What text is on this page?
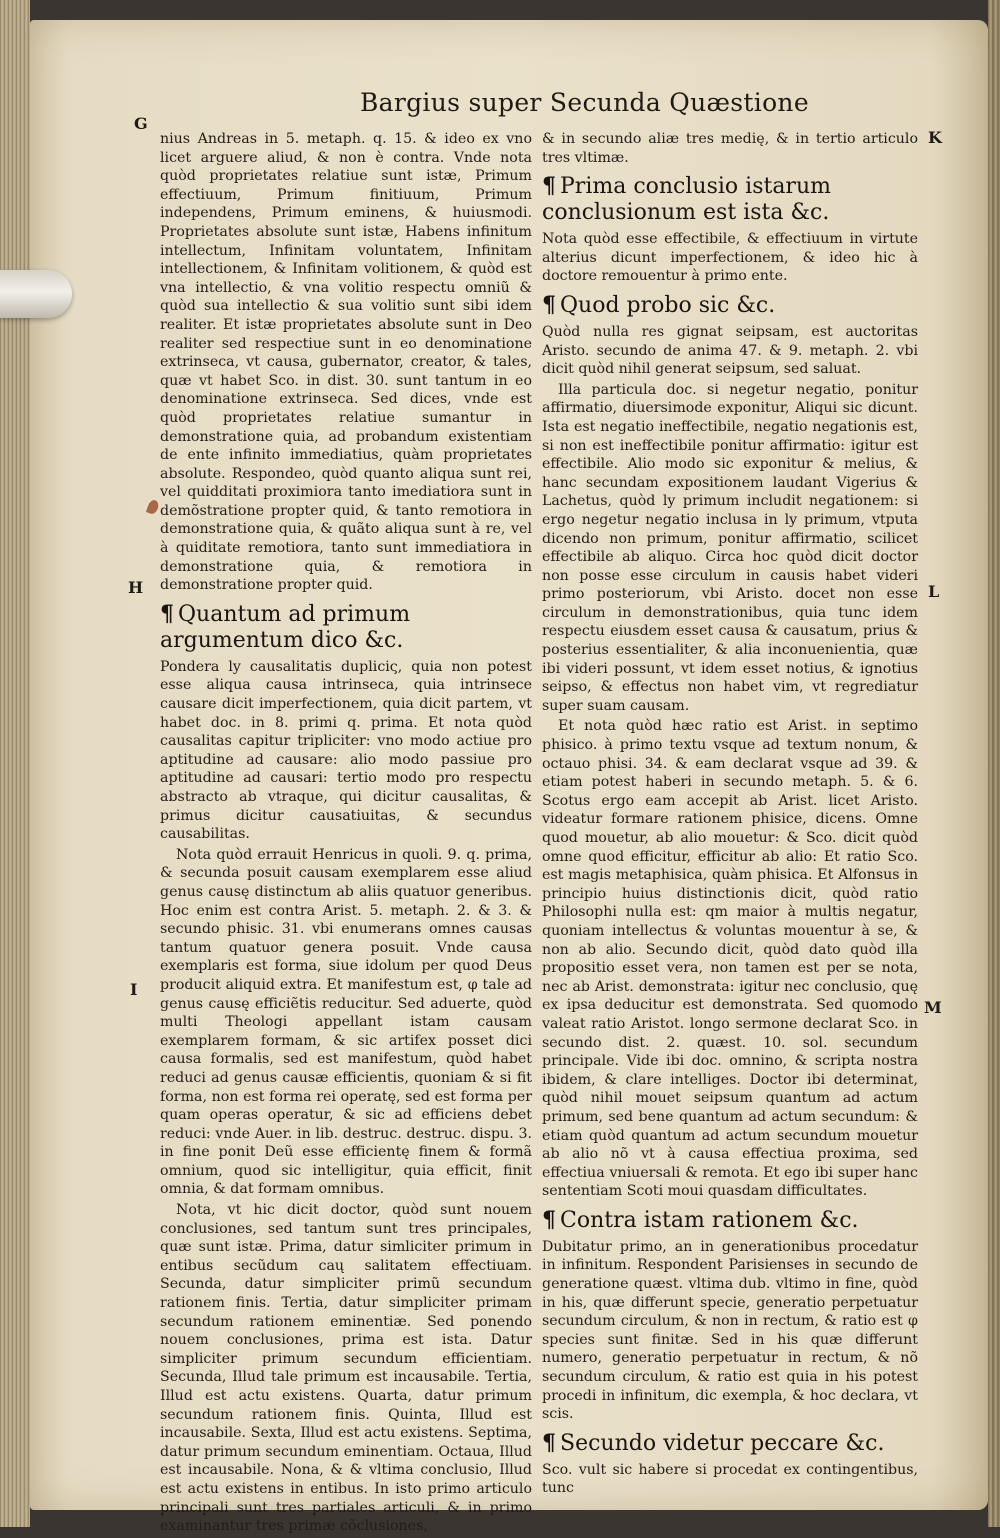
Bargius super Secunda Quæstione
G
K
H	L
I
M

nius Andreas in 5. metaph. q. 15. & ideo ex vno licet arguere aliud, & non è contra. Vnde nota quòd proprietates relatiue sunt istæ, Primum effectiuum, Primum finitiuum, Primum independens, Primum eminens, & huiusmodi. Proprietates absolute sunt istæ, Habens infinitum intellectum, Infinitam voluntatem, Infinitam intellectionem, & Infinitam volitionem, & quòd est vna intellectio, & vna volitio respectu omniũ & quòd sua intellectio & sua volitio sunt sibi idem realiter. Et istæ proprietates absolute sunt in Deo realiter sed respectiue sunt in eo denominatione extrinseca, vt causa, gubernator, creator, & tales, quæ vt habet Sco. in dist. 30. sunt tantum in eo denominatione extrinseca. Sed dices, vnde est quòd proprietates relatiue sumantur in demonstratione quia, ad probandum existentiam de ente infinito immediatius, quàm proprietates absolute. Respondeo, quòd quanto aliqua sunt rei, vel quidditati proximiora tanto imediatiora sunt in demõstratione propter quid, & tanto remotiora in demonstratione quia, & quãto aliqua sunt à re, vel à quiditate remotiora, tanto sunt immediatiora in demonstratione quia, & remotiora in demonstratione propter quid.

¶ Quantum ad primum argumentum dico &c.

Pondera ly causalitatis dupliciς, quia non potest esse aliqua causa intrinseca, quia intrinsece causare dicit imperfectionem, quia dicit partem, vt habet doc. in 8. primi q. prima. Et nota quòd causalitas capitur tripliciter: vno modo actiue pro aptitudine ad causare: alio modo passiue pro aptitudine ad causari: tertio modo pro respectu abstracto ab vtraque, qui dicitur causalitas, & primus dicitur causatiuitas, & secundus causabilitas.

Nota quòd errauit Henricus in quoli. 9. q. prima, & secunda posuit causam exemplarem esse aliud genus causę distinctum ab aliis quatuor generibus. Hoc enim est contra Arist. 5. metaph. 2. & 3. & secundo phisic. 31. vbi enumerans omnes causas tantum quatuor genera posuit. Vnde causa exemplaris est forma, siue idolum per quod Deus producit aliquid extra. Et manifestum est, φ tale ad genus causę efficiẽtis reducitur. Sed aduerte, quòd multi Theologi appellant istam causam exemplarem formam, & sic artifex posset dici causa formalis, sed est manifestum, quòd habet reduci ad genus causæ efficientis, quoniam & si fit forma, non est forma rei operatę, sed est forma per quam operas operatur, & sic ad efficiens debet reduci: vnde Auer. in lib. destruc. destruc. dispu. 3. in fine ponit Deũ esse efficientę finem & formã omnium, quod sic intelligitur, quia efficit, finit omnia, & dat formam omnibus.

Nota, vt hic dicit doctor, quòd sunt nouem conclusiones, sed tantum sunt tres principales, quæ sunt istæ. Prima, datur simliciter primum in entibus secũdum caų salitatem effectiuam. Secunda, datur simpliciter primũ secundum rationem finis. Tertia, datur simpliciter primam secundum rationem eminentiæ. Sed ponendo nouem conclusiones, prima est ista. Datur simpliciter primum secundum efficientiam. Secunda, Illud tale primum est incausabile. Tertia, Illud est actu existens. Quarta, datur primum secundum rationem finis. Quinta, Illud est incausabile. Sexta, Illud est actu existens. Septima, datur primum secundum eminentiam. Octaua, Illud est incausabile. Nona, & & vltima conclusio, Illud est actu existens in entibus. In isto primo articulo principali sunt tres partiales articuli, & in primo examinantur tres primæ cõclusiones,

& in secundo aliæ tres medię, & in tertio articulo tres vltimæ.

¶ Prima conclusio istarum conclusionum est ista &c.

Nota quòd esse effectibile, & effectiuum in virtute alterius dicunt imperfectionem, & ideo hic à doctore remouentur à primo ente.

¶ Quod probo sic &c.

Quòd nulla res gignat seipsam, est auctoritas Aristo. secundo de anima 47. & 9. metaph. 2. vbi dicit quòd nihil generat seipsum, sed saluat.

Illa particula doc. si negetur negatio, ponitur affirmatio, diuersimode exponitur, Aliqui sic dicunt. Ista est negatio ineffectibile, negatio negationis est, si non est ineffectibile ponitur affirmatio: igitur est effectibile. Alio modo sic exponitur & melius, & hanc secundam expositionem laudant Vigerius & Lachetus, quòd ly primum includit negationem: si ergo negetur negatio inclusa in ly primum, vtputa dicendo non primum, ponitur affirmatio, scilicet effectibile ab aliquo. Circa hoc quòd dicit doctor non posse esse circulum in causis habet videri primo posteriorum, vbi Aristo. docet non esse circulum in demonstrationibus, quia tunc idem respectu eiusdem esset causa & causatum, prius & posterius essentialiter, & alia inconuenientia, quæ ibi videri possunt, vt idem esset notius, & ignotius seipso, & effectus non habet vim, vt regrediatur super suam causam.

Et nota quòd hæc ratio est Arist. in septimo phisico. à primo textu vsque ad textum nonum, & octauo phisi. 34. & eam declarat vsque ad 39. & etiam potest haberi in secundo metaph. 5. & 6. Scotus ergo eam accepit ab Arist. licet Aristo. videatur formare rationem phisice, dicens. Omne quod mouetur, ab alio mouetur: & Sco. dicit quòd omne quod efficitur, efficitur ab alio: Et ratio Sco. est magis metaphisica, quàm phisica. Et Alfonsus in principio huius distinctionis dicit, quòd ratio Philosophi nulla est: qm maior à multis negatur, quoniam intellectus & voluntas mouentur à se, & non ab alio. Secundo dicit, quòd dato quòd illa propositio esset vera, non tamen est per se nota, nec ab Arist. demonstrata: igitur nec conclusio, quę ex ipsa deducitur est demonstrata. Sed quomodo valeat ratio Aristot. longo sermone declarat Sco. in secundo dist. 2. quæst. 10. sol. secundum principale. Vide ibi doc. omnino, & scripta nostra ibidem, & clare intelliges. Doctor ibi determinat, quòd nihil mouet seipsum quantum ad actum primum, sed bene quantum ad actum secundum: & etiam quòd quantum ad actum secundum mouetur ab alio nõ vt à causa effectiua proxima, sed effectiua vniuersali & remota. Et ego ibi super hanc sententiam Scoti moui quasdam difficultates.

¶ Contra istam rationem &c.

Dubitatur primo, an in generationibus procedatur in infinitum. Respondent Parisienses in secundo de generatione quæst. vltima dub. vltimo in fine, quòd in his, quæ differunt specie, generatio perpetuatur secundum circulum, & non in rectum, & ratio est φ species sunt finitæ. Sed in his quæ differunt numero, generatio perpetuatur in rectum, & nõ secundum circulum, & ratio est quia in his potest procedi in infinitum, dic exempla, & hoc declara, vt scis.

¶ Secundo videtur peccare &c.

Sco. vult sic habere si procedat ex contingentibus, tunc
